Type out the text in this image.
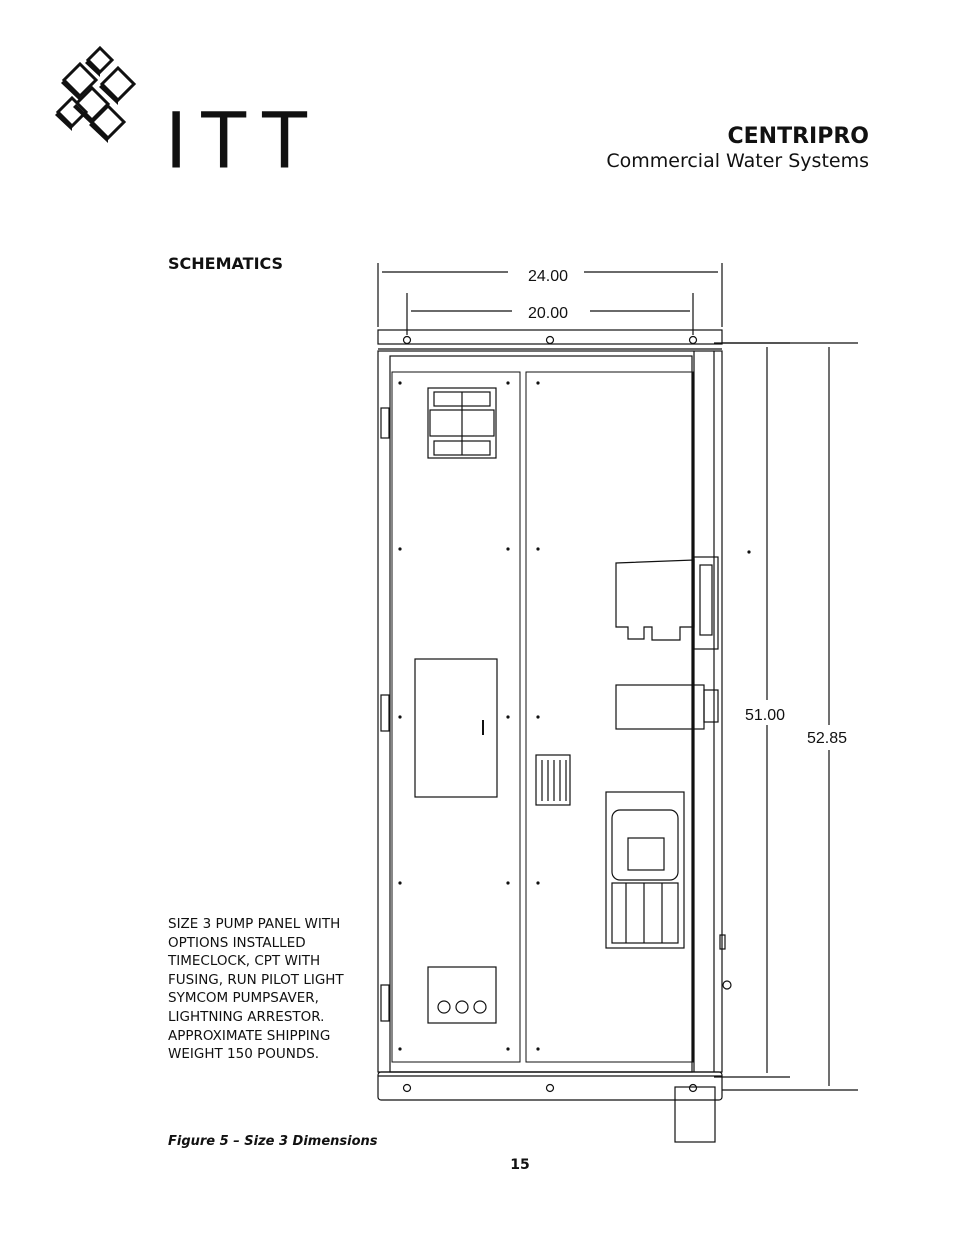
ITT	CENTRIPRO
Commercial Water Systems
SCHEMATICS
SIZE 3 PUMP PANEL WITH
OPTIONS INSTALLED
TIMECLOCK, CPT WITH
FUSING, RUN PILOT LIGHT
SYMCOM PUMPSAVER,
LIGHTNING ARRESTOR.
APPROXIMATE SHIPPING
WEIGHT 150 POUNDS.
24.00
20.00
51.00
52.85
Figure 5 – Size 3 Dimensions
15
